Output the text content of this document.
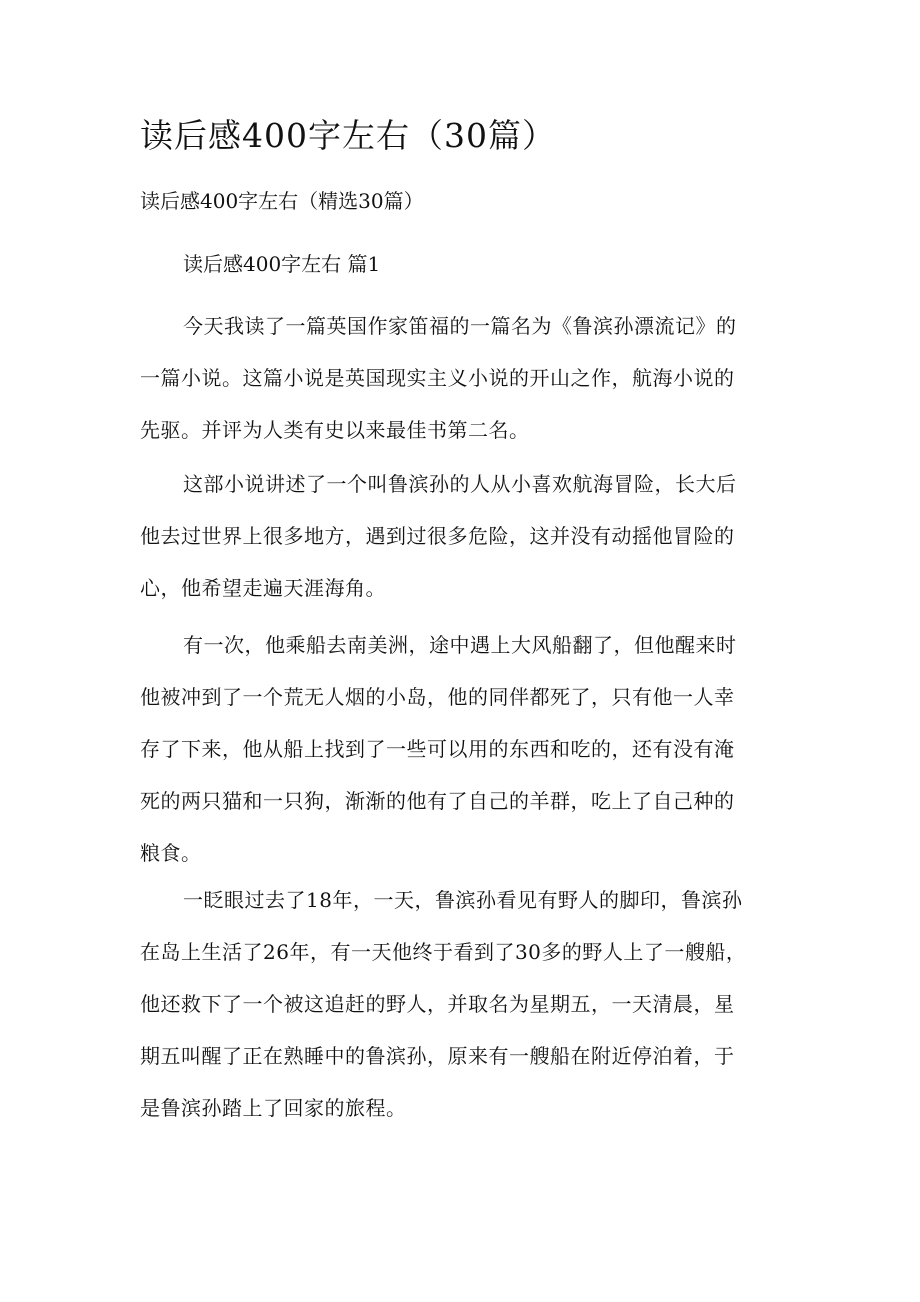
读后感400字左右（30篇）

读后感400字左右（精选30篇）

读后感400字左右 篇1

今天我读了一篇英国作家笛福的一篇名为《鲁滨孙漂流记》的
一篇小说。这篇小说是英国现实主义小说的开山之作，航海小说的
先驱。并评为人类有史以来最佳书第二名。
这部小说讲述了一个叫鲁滨孙的人从小喜欢航海冒险，长大后
他去过世界上很多地方，遇到过很多危险，这并没有动摇他冒险的
心，他希望走遍天涯海角。
有一次，他乘船去南美洲，途中遇上大风船翻了，但他醒来时
他被冲到了一个荒无人烟的小岛，他的同伴都死了，只有他一人幸
存了下来，他从船上找到了一些可以用的东西和吃的，还有没有淹
死的两只猫和一只狗，渐渐的他有了自己的羊群，吃上了自己种的
粮食。
一眨眼过去了18年，一天，鲁滨孙看见有野人的脚印，鲁滨孙
在岛上生活了26年，有一天他终于看到了30多的野人上了一艘船，
他还救下了一个被这追赶的野人，并取名为星期五，一天清晨，星
期五叫醒了正在熟睡中的鲁滨孙，原来有一艘船在附近停泊着，于
是鲁滨孙踏上了回家的旅程。
